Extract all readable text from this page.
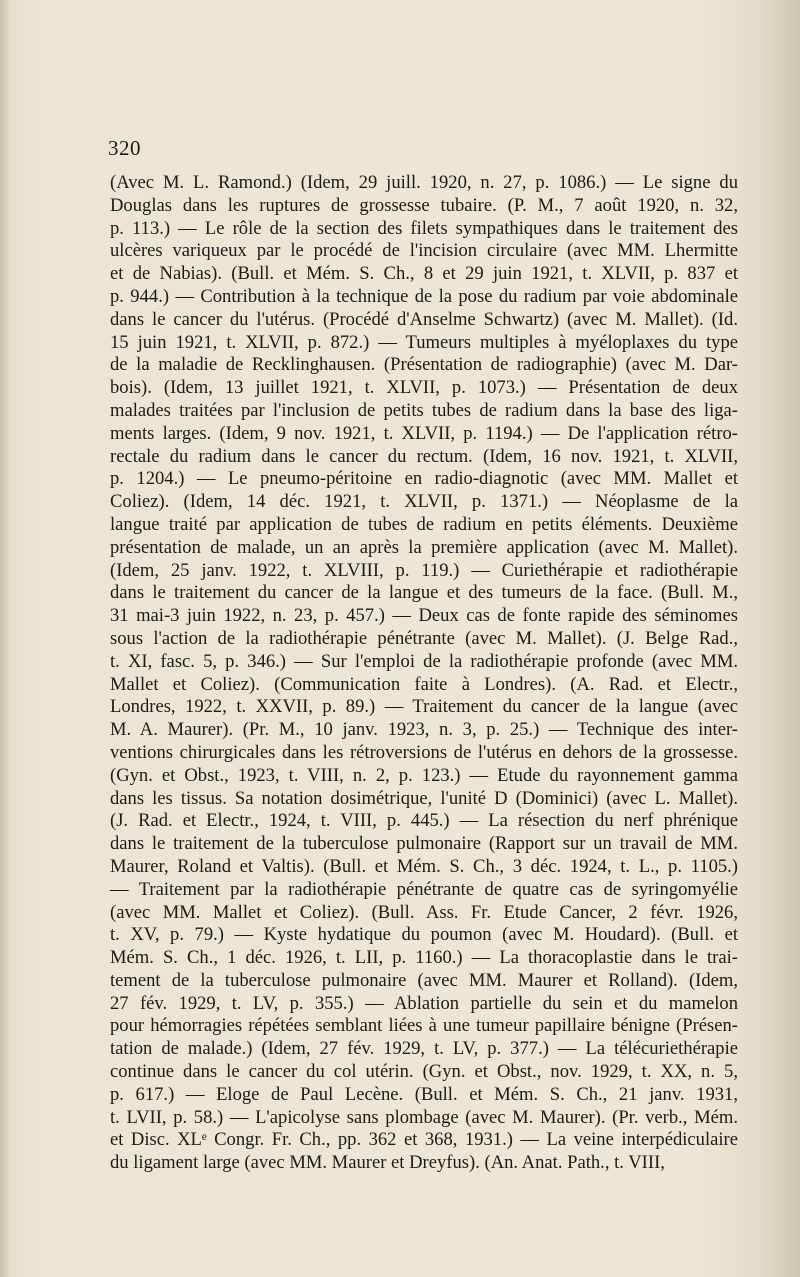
320
(Avec M. L. Ramond.) (Idem, 29 juill. 1920, n. 27, p. 1086.) — Le signe du
Douglas dans les ruptures de grossesse tubaire. (P. M., 7 août 1920, n. 32,
p. 113.) — Le rôle de la section des filets sympathiques dans le traitement des
ulcères variqueux par le procédé de l'incision circulaire (avec MM. Lhermitte
et de Nabias). (Bull. et Mém. S. Ch., 8 et 29 juin 1921, t. XLVII, p. 837 et
p. 944.) — Contribution à la technique de la pose du radium par voie abdominale
dans le cancer du l'utérus. (Procédé d'Anselme Schwartz) (avec M. Mallet). (Id.
15 juin 1921, t. XLVII, p. 872.) — Tumeurs multiples à myéloplaxes du type
de la maladie de Recklinghausen. (Présentation de radiographie) (avec M. Dar-
bois). (Idem, 13 juillet 1921, t. XLVII, p. 1073.) — Présentation de deux
malades traitées par l'inclusion de petits tubes de radium dans la base des liga-
ments larges. (Idem, 9 nov. 1921, t. XLVII, p. 1194.) — De l'application rétro-
rectale du radium dans le cancer du rectum. (Idem, 16 nov. 1921, t. XLVII,
p. 1204.) — Le pneumo-péritoine en radio-diagnotic (avec MM. Mallet et
Coliez). (Idem, 14 déc. 1921, t. XLVII, p. 1371.) — Néoplasme de la
langue traité par application de tubes de radium en petits éléments. Deuxième
présentation de malade, un an après la première application (avec M. Mallet).
(Idem, 25 janv. 1922, t. XLVIII, p. 119.) — Curiethérapie et radiothérapie
dans le traitement du cancer de la langue et des tumeurs de la face. (Bull. M.,
31 mai-3 juin 1922, n. 23, p. 457.) — Deux cas de fonte rapide des séminomes
sous l'action de la radiothérapie pénétrante (avec M. Mallet). (J. Belge Rad.,
t. XI, fasc. 5, p. 346.) — Sur l'emploi de la radiothérapie profonde (avec MM.
Mallet et Coliez). (Communication faite à Londres). (A. Rad. et Electr.,
Londres, 1922, t. XXVII, p. 89.) — Traitement du cancer de la langue (avec
M. A. Maurer). (Pr. M., 10 janv. 1923, n. 3, p. 25.) — Technique des inter-
ventions chirurgicales dans les rétroversions de l'utérus en dehors de la grossesse.
(Gyn. et Obst., 1923, t. VIII, n. 2, p. 123.) — Etude du rayonnement gamma
dans les tissus. Sa notation dosimétrique, l'unité D (Dominici) (avec L. Mallet).
(J. Rad. et Electr., 1924, t. VIII, p. 445.) — La résection du nerf phrénique
dans le traitement de la tuberculose pulmonaire (Rapport sur un travail de MM.
Maurer, Roland et Valtis). (Bull. et Mém. S. Ch., 3 déc. 1924, t. L., p. 1105.)
— Traitement par la radiothérapie pénétrante de quatre cas de syringomyélie
(avec MM. Mallet et Coliez). (Bull. Ass. Fr. Etude Cancer, 2 févr. 1926,
t. XV, p. 79.) — Kyste hydatique du poumon (avec M. Houdard). (Bull. et
Mém. S. Ch., 1 déc. 1926, t. LII, p. 1160.) — La thoracoplastie dans le trai-
tement de la tuberculose pulmonaire (avec MM. Maurer et Rolland). (Idem,
27 fév. 1929, t. LV, p. 355.) — Ablation partielle du sein et du mamelon
pour hémorragies répétées semblant liées à une tumeur papillaire bénigne (Présen-
tation de malade.) (Idem, 27 fév. 1929, t. LV, p. 377.) — La télécuriethérapie
continue dans le cancer du col utérin. (Gyn. et Obst., nov. 1929, t. XX, n. 5,
p. 617.) — Eloge de Paul Lecène. (Bull. et Mém. S. Ch., 21 janv. 1931,
t. LVII, p. 58.) — L'apicolyse sans plombage (avec M. Maurer). (Pr. verb., Mém.
et Disc. XLᵉ Congr. Fr. Ch., pp. 362 et 368, 1931.) — La veine interpédiculaire
du ligament large (avec MM. Maurer et Dreyfus). (An. Anat. Path., t. VIII,
